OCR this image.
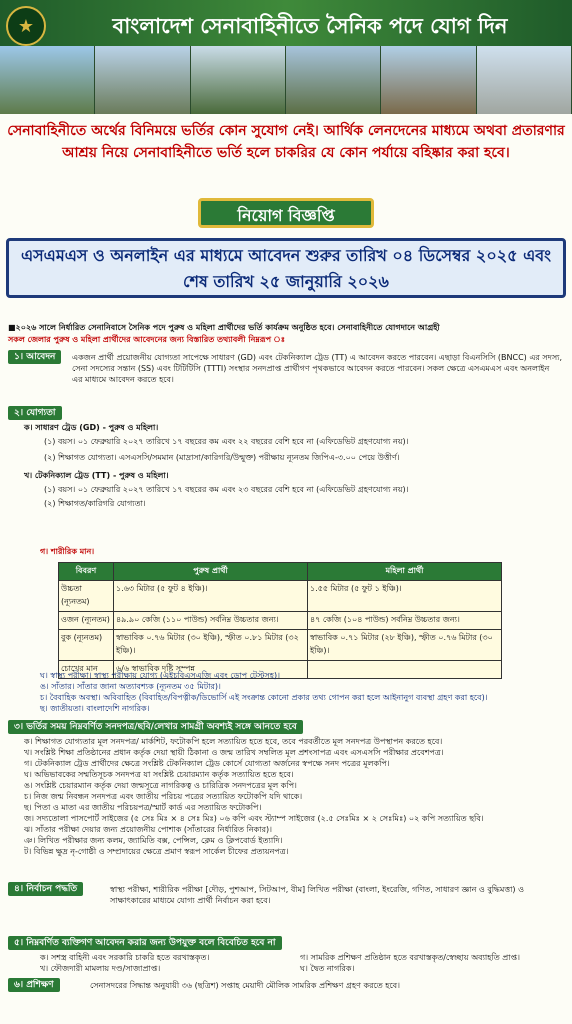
★	বাংলাদেশ সেনাবাহিনীতে সৈনিক পদে যোগ দিন
সেনাবাহিনীতে অর্থের বিনিময়ে ভর্তির কোন সুযোগ নেই। আর্থিক লেনদেনের মাধ্যমে অথবা প্রতারণার আশ্রয় নিয়ে সেনাবাহিনীতে ভর্তি হলে চাকরির যে কোন পর্যায়ে বহিষ্কার করা হবে।
নিয়োগ বিজ্ঞপ্তি
এসএমএস ও অনলাইন এর মাধ্যমে আবেদন শুরুর তারিখ ০৪ ডিসেম্বর ২০২৫ এবং শেষ তারিখ ২৫ জানুয়ারি ২০২৬
■২০২৬ সালে নির্ধারিত সেনানিবাসে সৈনিক পদে পুরুষ ও মহিলা প্রার্থীদের ভর্তি কার্যক্রম অনুষ্ঠিত হবে। সেনাবাহিনীতে যোগদানে আগ্রহী
সকল জেলার পুরুষ ও মহিলা প্রার্থীদের আবেদনের জন্য বিস্তারিত তথ্যাবলী নিম্নরূপ ঃ
১। আবেদন	একজন প্রার্থী প্রয়োজনীয় যোগ্যতা সাপেক্ষে সাধারণ (GD) এবং টেকনিক্যাল ট্রেড (TT) এ আবেদন করতে পারবেন। এছাড়া বিএনসিসি (BNCC) এর সদস্য, সেনা সদস্যের সন্তান (SS) এবং টিটিটিসি (TTTI) সংস্থার সনদপ্রাপ্ত প্রার্থীগণ পৃথকভাবে আবেদন করতে পারবেন। সকল ক্ষেত্রে এসএমএস এবং অনলাইন এর মাধ্যমে আবেদন করতে হবে।
২। যোগ্যতা
ক। সাধারণ ট্রেড (GD) - পুরুষ ও মহিলা।
(১) বয়স। ০১ ফেব্রুয়ারি ২০২৭ তারিখে ১৭ বছরের কম এবং ২২ বছরের বেশি হবে না (এফিডেভিট গ্রহণযোগ্য নয়)।
(২) শিক্ষাগত যোগ্যতা। এসএসসি/সমমান (মাদ্রাসা/কারিগরি/উন্মুক্ত) পরীক্ষায় ন্যূনতম জিপিএ-৩.০০ পেয়ে উত্তীর্ণ।
খ। টেকনিক্যাল ট্রেড (TT) - পুরুষ ও মহিলা।
(১) বয়স। ০১ ফেব্রুয়ারি ২০২৭ তারিখে ১৭ বছরের কম এবং ২৩ বছরের বেশি হবে না (এফিডেভিট গ্রহণযোগ্য নয়)।
(২) শিক্ষাগত/কারিগরি যোগ্যতা।
গ। শারীরিক মান।
বিবরণ	পুরুষ প্রার্থী	মহিলা প্রার্থী
উচ্চতা (ন্যূনতম)	১.৬৩ মিটার (৫ ফুট ৪ ইঞ্চি)।	১.৫৫ মিটার (৫ ফুট ১ ইঞ্চি)।
ওজন (ন্যূনতম)	৪৯.৯০ কেজি (১১০ পাউন্ড) সর্বনিম্ন উচ্চতার জন্য।	৪৭ কেজি (১০৪ পাউন্ড) সর্বনিম্ন উচ্চতার জন্য।
বুক (ন্যূনতম)	স্বাভাবিক ০.৭৬ মিটার (৩০ ইঞ্চি), স্ফীত ০.৮১ মিটার (৩২ ইঞ্চি)।	স্বাভাবিক ০.৭১ মিটার (২৮ ইঞ্চি), স্ফীত ০.৭৬ মিটার (৩০ ইঞ্চি)।
চোখের মান	৬/৬ স্বাভাবিক দৃষ্টি সম্পন্ন	
ঘ। স্বাস্থ্য পরীক্ষা। স্বাস্থ্য পরীক্ষায় যোগ্য (এইচবিএসএজি এবং ডোপ টেস্টসহ)।
ঙ। সাঁতার। সাঁতার জানা অত্যাবশ্যক (ন্যূনতম ৩৫ মিটার)।
চ। বৈবাহিক অবস্থা। অবিবাহিত (বিবাহিত/বিপত্নীক/ডিভোর্সি এই সংক্রান্ত কোনো প্রকার তথ্য গোপন করা হলে আইনানুগ ব্যবস্থা গ্রহণ করা হবে)।
ছ। জাতীয়তা। বাংলাদেশি নাগরিক।
৩। ভর্তির সময় নিম্নবর্ণিত সনদপত্র/ছবি/লেখার সামগ্রী অবশ্যই সঙ্গে আনতে হবে
ক। শিক্ষাগত যোগ্যতার মূল সনদপত্র/ মার্কশিট, ফটোকপি হলে সত্যায়িত হতে হবে, তবে পরবর্তীতে মূল সনদপত্র উপস্থাপন করতে হবে।
খ। সংশ্লিষ্ট শিক্ষা প্রতিষ্ঠানের প্রধান কর্তৃক দেয়া স্থায়ী ঠিকানা ও জন্ম তারিখ সম্বলিত মূল প্রশংসাপত্র এবং এসএসসি পরীক্ষার প্রবেশপত্র।
গ। টেকনিক্যাল ট্রেড প্রার্থীদের ক্ষেত্রে সংশ্লিষ্ট টেকনিক্যাল ট্রেড কোর্সে যোগ্যতা অর্জনের স্বপক্ষে সনদ পত্রের মূলকপি।
ঘ। অভিভাবকের সম্মতিসূচক সনদপত্র যা সংশ্লিষ্ট চেয়ারম্যান কর্তৃক সত্যায়িত হতে হবে।
ঙ। সংশ্লিষ্ট চেয়ারম্যান কর্তৃক দেয়া জন্মসূত্রে নাগরিকত্ব ও চারিত্রিক সনদপত্রের মূল কপি।
চ। নিজ জন্ম নিবন্ধন সনদপত্র এবং জাতীয় পরিচয় পত্রের সত্যায়িত ফটোকপি যদি থাকে।
ছ। পিতা ও মাতা এর জাতীয় পরিচয়পত্র/স্মার্ট কার্ড এর সত্যায়িত ফটোকপি।
জ। সদ্যতোলা পাসপোর্ট সাইজের (৫ সেঃ মিঃ × ৪ সেঃ মিঃ) ০৬ কপি এবং স্ট্যাম্প সাইজের (২.৫ সেঃমিঃ × ২ সেঃমিঃ) ০২ কপি সত্যায়িত ছবি।
ঝ। সাঁতার পরীক্ষা দেয়ার জন্য প্রয়োজনীয় পোশাক (সাঁতারের নির্ধারিত নিকার)।
ঞ। লিখিত পরীক্ষার জন্য কলম, জ্যামিতি বক্স, পেন্সিল, ক্লেম ও ক্লিপবোর্ড ইত্যাদি।
ট। বিভিন্ন ক্ষুদ্র নৃ-গোষ্ঠী ও সম্প্রদায়ের ক্ষেত্রে প্রমাণ স্বরূপ সার্কেল চীফের প্রত্যয়নপত্র।
৪। নির্বাচন পদ্ধতি	স্বাস্থ্য পরীক্ষা, শারীরিক পরীক্ষা [দৌড়, পুশআপ, সিটআপ, বীম] লিখিত পরীক্ষা (বাংলা, ইংরেজি, গণিত, সাধারণ জ্ঞান ও বুদ্ধিমত্তা) ও সাক্ষাৎকারের মাধ্যমে যোগ্য প্রার্থী নির্বাচন করা হবে।
৫। নিম্নবর্ণিত ব্যক্তিগণ আবেদন করার জন্য উপযুক্ত বলে বিবেচিত হবে না
ক। সশস্ত্র বাহিনী এবং সরকারি চাকরি হতে বরখাস্তকৃত।
খ। ফৌজদারী মামলায় দণ্ড/সাজাপ্রাপ্ত।
গ। সামরিক প্রশিক্ষণ প্রতিষ্ঠান হতে বরখাস্তকৃত/স্বেচ্ছায় অব্যাহতি প্রাপ্ত।
ঘ। দ্বৈত নাগরিক।
৬। প্রশিক্ষণ	সেনাসদরের সিদ্ধান্ত অনুযায়ী ৩৬ (ছত্রিশ) সপ্তাহ মেয়াদী মৌলিক সামরিক প্রশিক্ষণ গ্রহণ করতে হবে।
